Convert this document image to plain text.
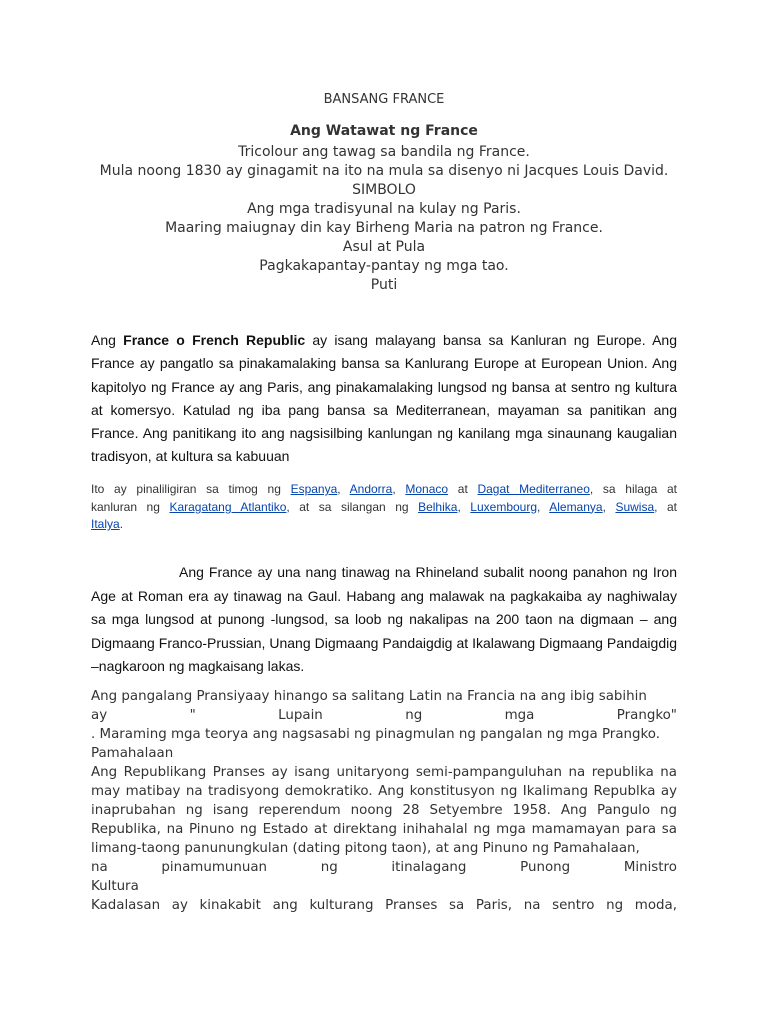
BANSANG FRANCE
Ang Watawat ng France
Tricolour ang tawag sa bandila ng France.
Mula noong 1830 ay ginagamit na ito na mula sa disenyo ni Jacques Louis David.
SIMBOLO
Ang mga tradisyunal na kulay ng Paris.
Maaring maiugnay din kay Birheng Maria na patron ng France.
Asul at Pula
Pagkakapantay-pantay ng mga tao.
Puti
Ang France o French Republic ay isang malayang bansa sa Kanluran ng Europe. Ang France ay pangatlo sa pinakamalaking bansa sa Kanlurang Europe at European Union. Ang kapitolyo ng France ay ang Paris, ang pinakamalaking lungsod ng bansa at sentro ng kultura at komersyo. Katulad ng iba pang bansa sa Mediterranean, mayaman sa panitikan ang France. Ang panitikang ito ang nagsisilbing kanlungan ng kanilang mga sinaunang kaugalian tradisyon, at kultura sa kabuuan
Ito ay pinaliligiran sa timog ng Espanya, Andorra, Monaco at Dagat Mediterraneo, sa hilaga at kanluran ng Karagatang Atlantiko, at sa silangan ng Belhika, Luxembourg, Alemanya, Suwisa, at Italya.
Ang France ay una nang tinawag na Rhineland subalit noong panahon ng Iron Age at Roman era ay tinawag na Gaul. Habang ang malawak na pagkakaiba ay naghiwalay sa mga lungsod at punong -lungsod, sa loob ng nakalipas na 200 taon na digmaan – ang Digmaang Franco-Prussian, Unang Digmaang Pandaigdig at Ikalawang Digmaang Pandaigdig –nagkaroon ng magkaisang lakas.
Ang pangalang Pransiyaay hinango sa salitang Latin na Francia na ang ibig sabihin
ay	"	Lupain	ng	mga	Prangko"
. Maraming mga teorya ang nagsasabi ng pinagmulan ng pangalan ng mga Prangko.
Pamahalaan
Ang Republikang Pranses ay isang unitaryong semi-pampanguluhan na republika na may matibay na tradisyong demokratiko. Ang konstitusyon ng Ikalimang Republka ay inaprubahan ng isang reperendum noong 28 Setyembre 1958. Ang Pangulo ng Republika, na Pinuno ng Estado at direktang inihahalal ng mga mamamayan para sa limang-taong panunungkulan (dating pitong taon), at ang Pinuno ng Pamahalaan,
na	pinamumunuan	ng	itinalagang	Punong	Ministro
Kultura
Kadalasan ay kinakabit ang kulturang Pranses sa Paris, na sentro ng moda,
